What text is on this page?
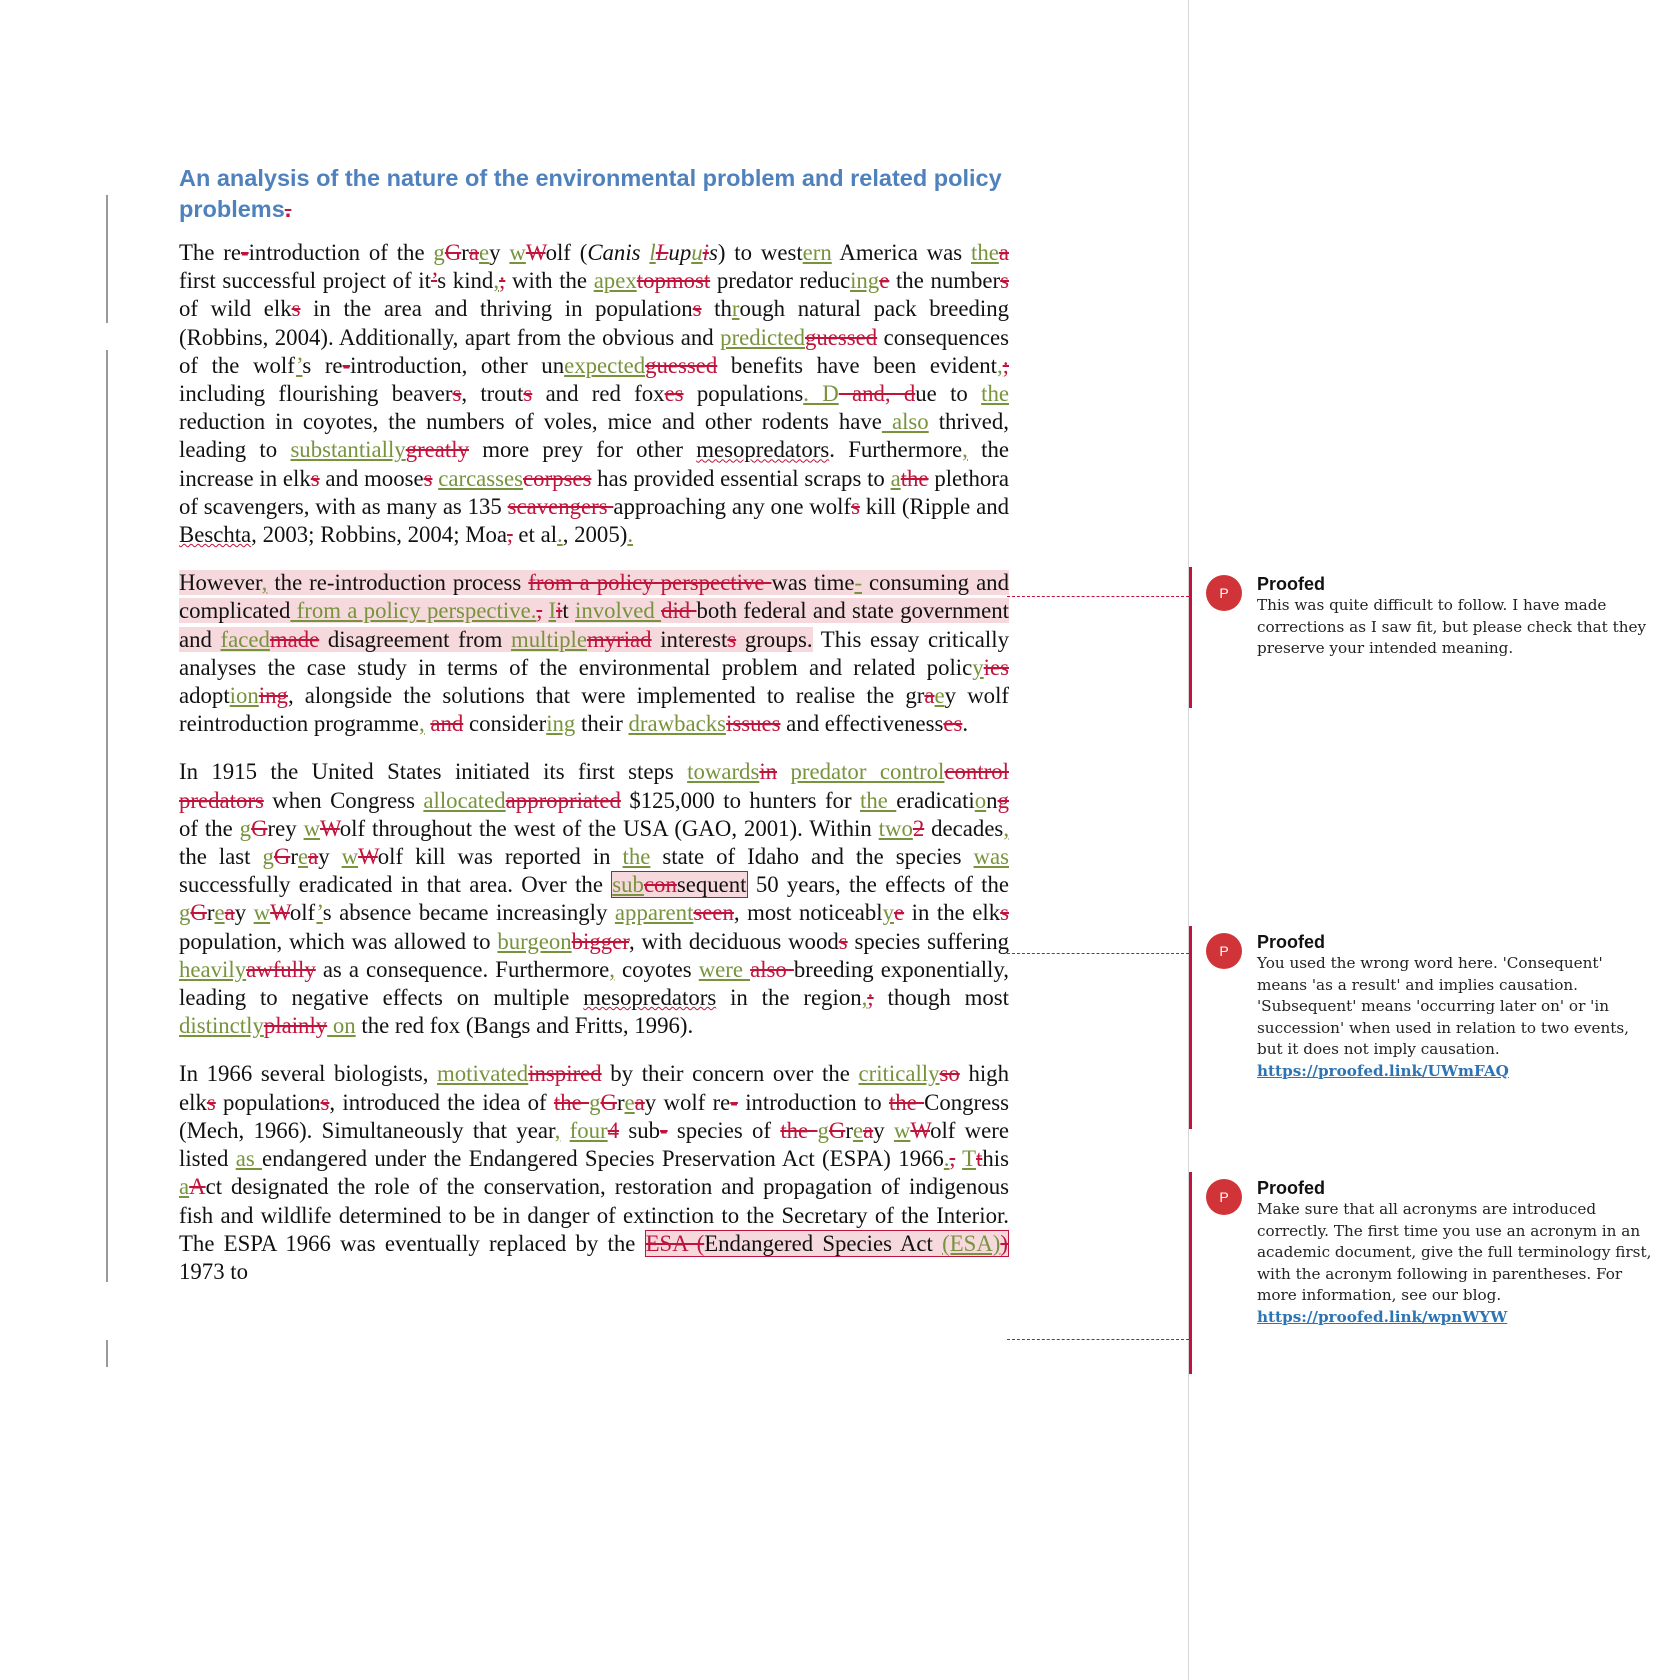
An analysis of the nature of the environmental problem and related policy problems.

The re-introduction of the gGraey wWolf (Canis lLupuis) to western America was thea first successful project of it’s kind,; with the apextopmost predator reducinge the numbers of wild elks in the area and thriving in populations through natural pack breeding (Robbins, 2004). Additionally, apart from the obvious and predictedguessed consequences of the wolf’s re-introduction, other unexpectedguessed benefits have been evident,; including flourishing beavers, trouts and red foxes populations. D and, due to the reduction in coyotes, the numbers of voles, mice and other rodents have also thrived, leading to substantiallygreatly more prey for other mesopredators. Furthermore, the increase in elks and mooses carcassescorpses has provided essential scraps to athe plethora of scavengers, with as many as 135 scavengers approaching any one wolfs kill (Ripple and Beschta, 2003; Robbins, 2004; Moa, et al., 2005).

However, the re-introduction process from a policy perspective was time- consuming and complicated from a policy perspective., Iit involved did both federal and state government and facedmade disagreement from multiplemyriad interests groups. This essay critically analyses the case study in terms of the environmental problem and related policyies adoptioning, alongside the solutions that were implemented to realise the graey wolf reintroduction programme, and considering their drawbacksissues and effectivenesses.

In 1915 the United States initiated its first steps towardsin predator controlcontrol predators when Congress allocatedappropriated $125,000 to hunters for the eradicationg of the gGrey wWolf throughout the west of the USA (GAO, 2001). Within two2 decades, the last gGreay wWolf kill was reported in the state of Idaho and the species was successfully eradicated in that area. Over the subconsequent 50 years, the effects of the gGreay wWolf’s absence became increasingly apparentseen, most noticeablye in the elks population, which was allowed to burgeonbigger, with deciduous woods species suffering heavilyawfully as a consequence. Furthermore, coyotes were also breeding exponentially, leading to negative effects on multiple mesopredators in the region,; though most distinctlyplainly on the red fox (Bangs and Fritts, 1996).

In 1966 several biologists, motivatedinspired by their concern over the criticallyso high elks populations, introduced the idea of the gGreay wolf re- introduction to the Congress (Mech, 1966). Simultaneously that year, four4 sub- species of the gGreay wWolf were listed as endangered under the Endangered Species Preservation Act (ESPA) 1966., Tthis aAct designated the role of the conservation, restoration and propagation of indigenous fish and wildlife determined to be in danger of extinction to the Secretary of the Interior. The ESPA 1966 was eventually replaced by the ESA (Endangered Species Act (ESA)) 1973 to

P	Proofed
This was quite difficult to follow. I have made corrections as I saw fit, but please check that they preserve your intended meaning.
P	Proofed
You used the wrong word here. 'Consequent' means 'as a result' and implies causation. 'Subsequent' means 'occurring later on' or 'in succession' when used in relation to two events, but it does not imply causation.
https://proofed.link/UWmFAQ
P	Proofed
Make sure that all acronyms are introduced correctly. The first time you use an acronym in an academic document, give the full terminology first, with the acronym following in parentheses. For more information, see our blog.
https://proofed.link/wpnWYW
